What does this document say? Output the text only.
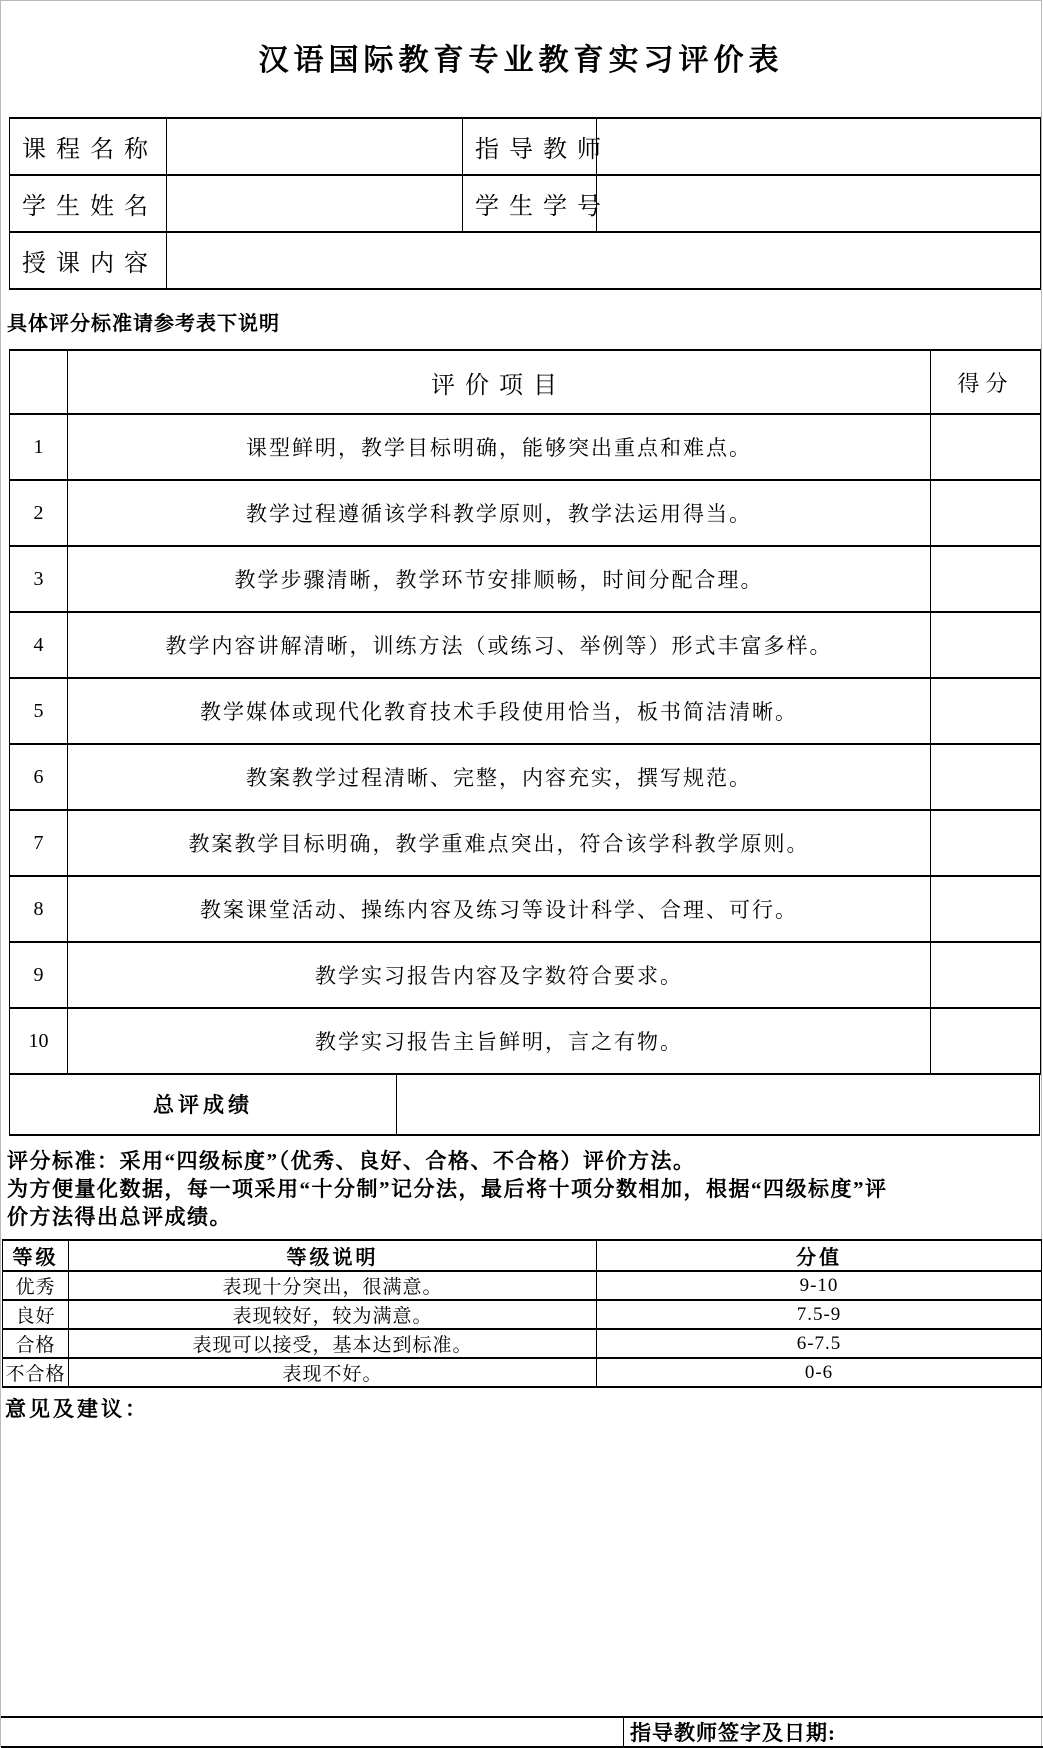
汉语国际教育专业教育实习评价表
课程名称		指导教师	
学生姓名		学生学号	
授课内容			
具体评分标准请参考表下说明
	评价项目	得分
1	课型鲜明，教学目标明确，能够突出重点和难点。	
2	教学过程遵循该学科教学原则，教学法运用得当。	
3	教学步骤清晰，教学环节安排顺畅，时间分配合理。	
4	教学内容讲解清晰，训练方法（或练习、举例等）形式丰富多样。	
5	教学媒体或现代化教育技术手段使用恰当，板书简洁清晰。	
6	教案教学过程清晰、完整，内容充实，撰写规范。	
7	教案教学目标明确，教学重难点突出，符合该学科教学原则。	
8	教案课堂活动、操练内容及练习等设计科学、合理、可行。	
9	教学实习报告内容及字数符合要求。	
10	教学实习报告主旨鲜明，言之有物。	
总评成绩
评分标准：采用“四级标度”（优秀、良好、合格、不合格）评价方法。
为方便量化数据，每一项采用“十分制”记分法，最后将十项分数相加，根据“四级标度”评
价方法得出总评成绩。
等级	等级说明	分值
优秀	表现十分突出，很满意。	9-10
良好	表现较好，较为满意。	7.5-9
合格	表现可以接受，基本达到标准。	6-7.5
不合格	表现不好。	0-6
意见及建议：
指导教师签字及日期:
